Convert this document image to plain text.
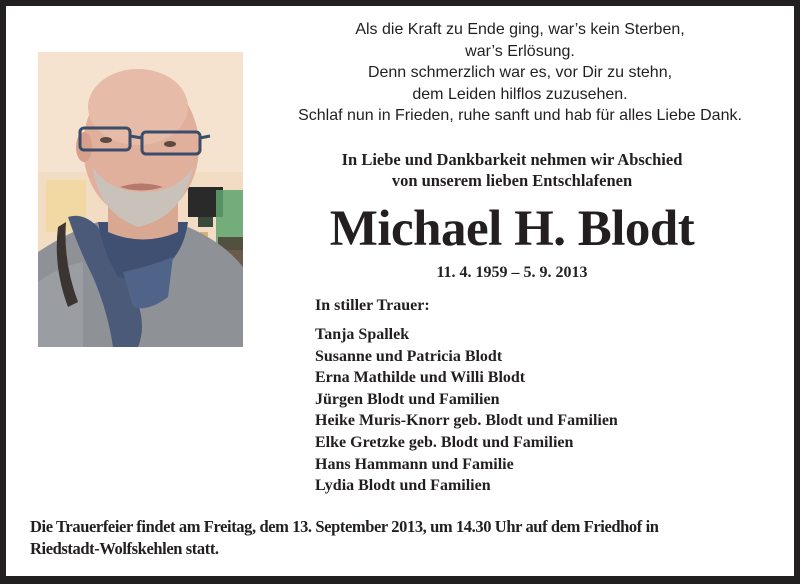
Als die Kraft zu Ende ging, war’s kein Sterben,
war’s Erlösung.
Denn schmerzlich war es, vor Dir zu stehn,
dem Leiden hilflos zuzusehen.
Schlaf nun in Frieden, ruhe sanft und hab für alles Liebe Dank.
In Liebe und Dankbarkeit nehmen wir Abschied
von unserem lieben Entschlafenen
Michael H. Blodt
11. 4. 1959 – 5. 9. 2013
In stiller Trauer:
Tanja Spallek
Susanne und Patricia Blodt
Erna Mathilde und Willi Blodt
Jürgen Blodt und Familien
Heike Muris-Knorr geb. Blodt und Familien
Elke Gretzke geb. Blodt und Familien
Hans Hammann und Familie
Lydia Blodt und Familien
Die Trauerfeier findet am Freitag, dem 13. September 2013, um 14.30 Uhr auf dem Friedhof in
Riedstadt-Wolfskehlen statt.
